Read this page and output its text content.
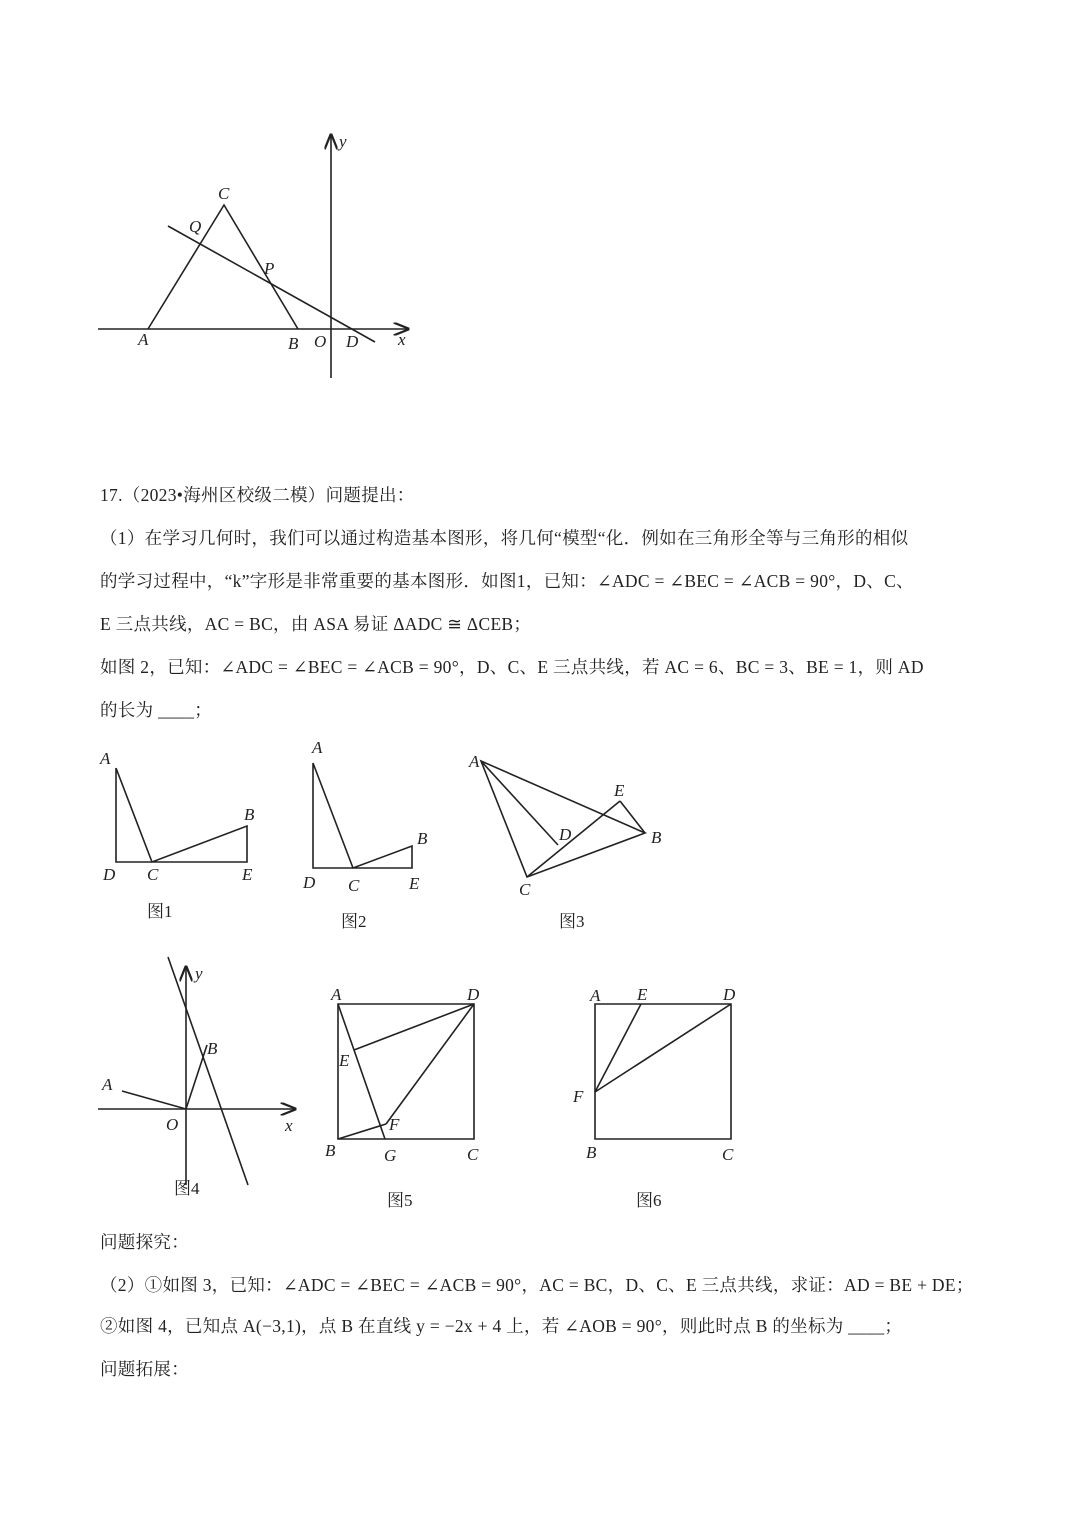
A	B
C
O D
Q
P
x
y
A
B
C
D	E
图1
A
B
C
D	E
图2
A
B
C
D
E
图3
A
B
O	x
y
图4
A
B	C
D
E
F
G
图5
A
B	C
D
E
F
图6
17.（2023•海州区校级二模）问题提出：
（1）在学习几何时，我们可以通过构造基本图形，将几何“模型“化．例如在三角形全等与三角形的相似
的学习过程中，“k”字形是非常重要的基本图形．如图1，已知：∠ADC = ∠BEC = ∠ACB = 90°，D、C、
E 三点共线，AC = BC，由 ASA 易证 ΔADC ≅ ΔCEB；
如图 2，已知：∠ADC = ∠BEC = ∠ACB = 90°，D、C、E 三点共线，若 AC = 6、BC = 3、BE = 1，则 AD
的长为 ____；
问题探究：
（2）①如图 3，已知：∠ADC = ∠BEC = ∠ACB = 90°，AC = BC，D、C、E 三点共线，求证：AD = BE + DE；
②如图 4，已知点 A(−3,1)，点 B 在直线 y = −2x + 4 上，若 ∠AOB = 90°，则此时点 B 的坐标为 ____；
问题拓展：
